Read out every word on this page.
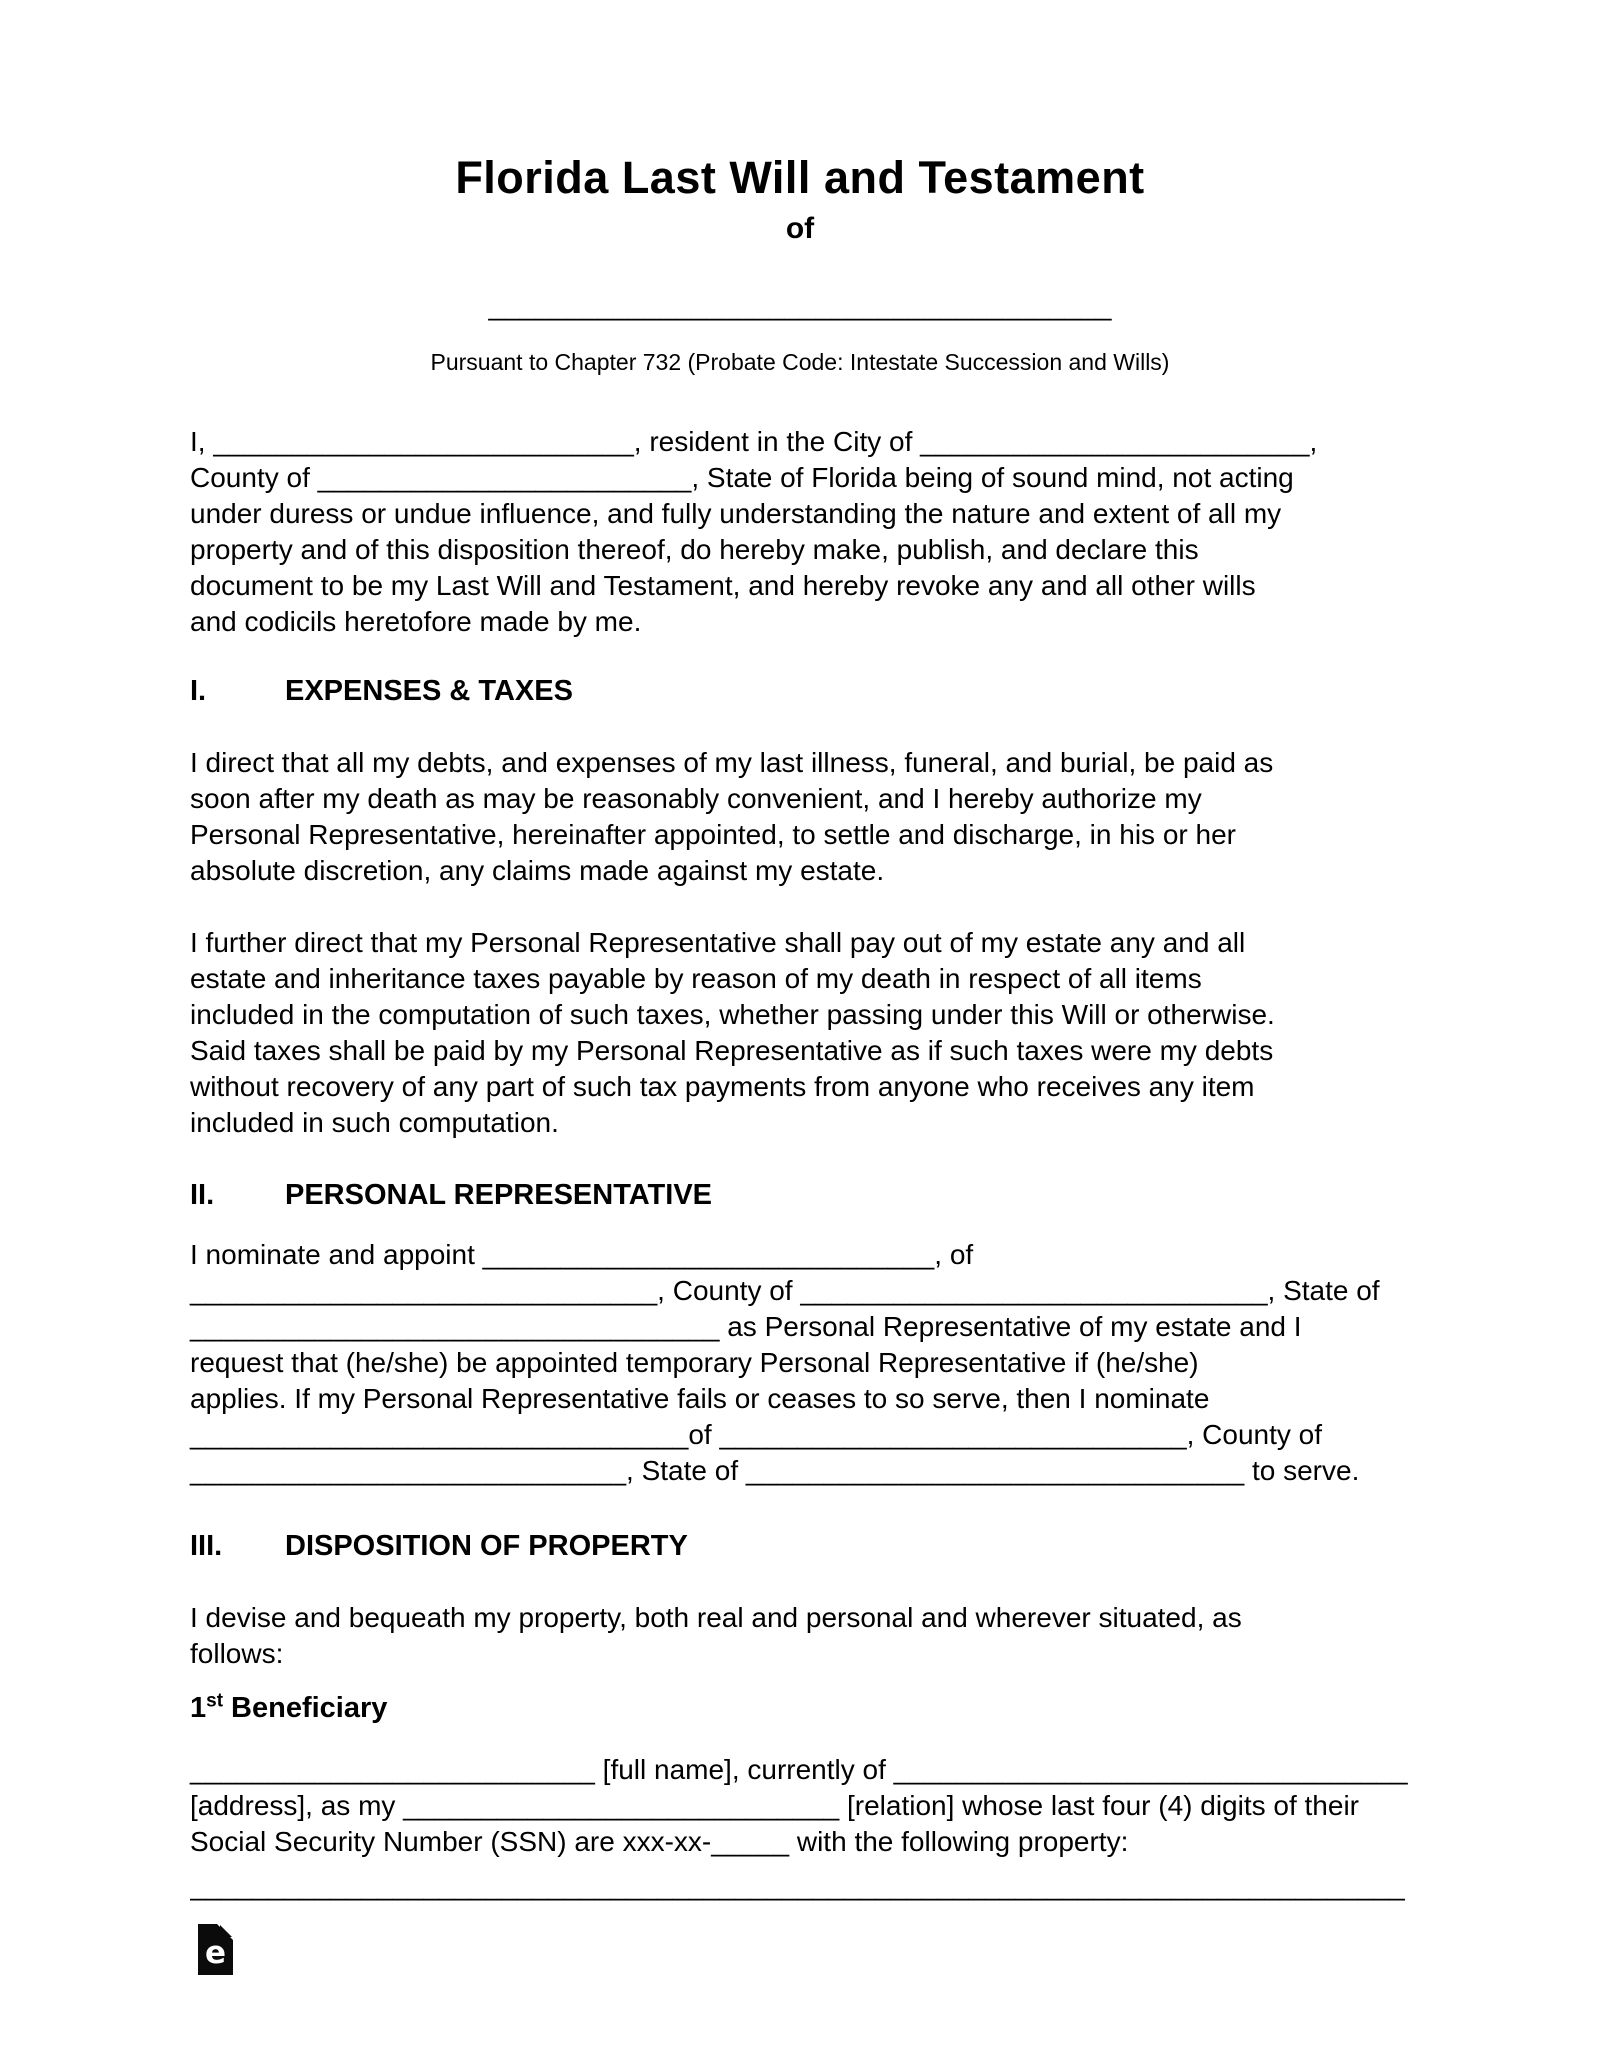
Florida Last Will and Testament
of
________________________________________
Pursuant to Chapter 732 (Probate Code: Intestate Succession and Wills)
I, ___________________________, resident in the City of _________________________,
County of ________________________, State of Florida being of sound mind, not acting
under duress or undue influence, and fully understanding the nature and extent of all my
property and of this disposition thereof, do hereby make, publish, and declare this
document to be my Last Will and Testament, and hereby revoke any and all other wills
and codicils heretofore made by me.
I.	EXPENSES & TAXES
I direct that all my debts, and expenses of my last illness, funeral, and burial, be paid as
soon after my death as may be reasonably convenient, and I hereby authorize my
Personal Representative, hereinafter appointed, to settle and discharge, in his or her
absolute discretion, any claims made against my estate.
I further direct that my Personal Representative shall pay out of my estate any and all
estate and inheritance taxes payable by reason of my death in respect of all items
included in the computation of such taxes, whether passing under this Will or otherwise.
Said taxes shall be paid by my Personal Representative as if such taxes were my debts
without recovery of any part of such tax payments from anyone who receives any item
included in such computation.
II. PERSONAL REPRESENTATIVE
I nominate and appoint _____________________________, of
______________________________, County of ______________________________, State of
__________________________________ as Personal Representative of my estate and I
request that (he/she) be appointed temporary Personal Representative if (he/she)
applies. If my Personal Representative fails or ceases to so serve, then I nominate
________________________________of ______________________________, County of
____________________________, State of ________________________________ to serve.
III. DISPOSITION OF PROPERTY
I devise and bequeath my property, both real and personal and wherever situated, as
follows:
1st Beneficiary
__________________________ [full name], currently of _________________________________
[address], as my ____________________________ [relation] whose last four (4) digits of their
Social Security Number (SSN) are xxx-xx-_____ with the following property:
______________________________________________________________________________
e
